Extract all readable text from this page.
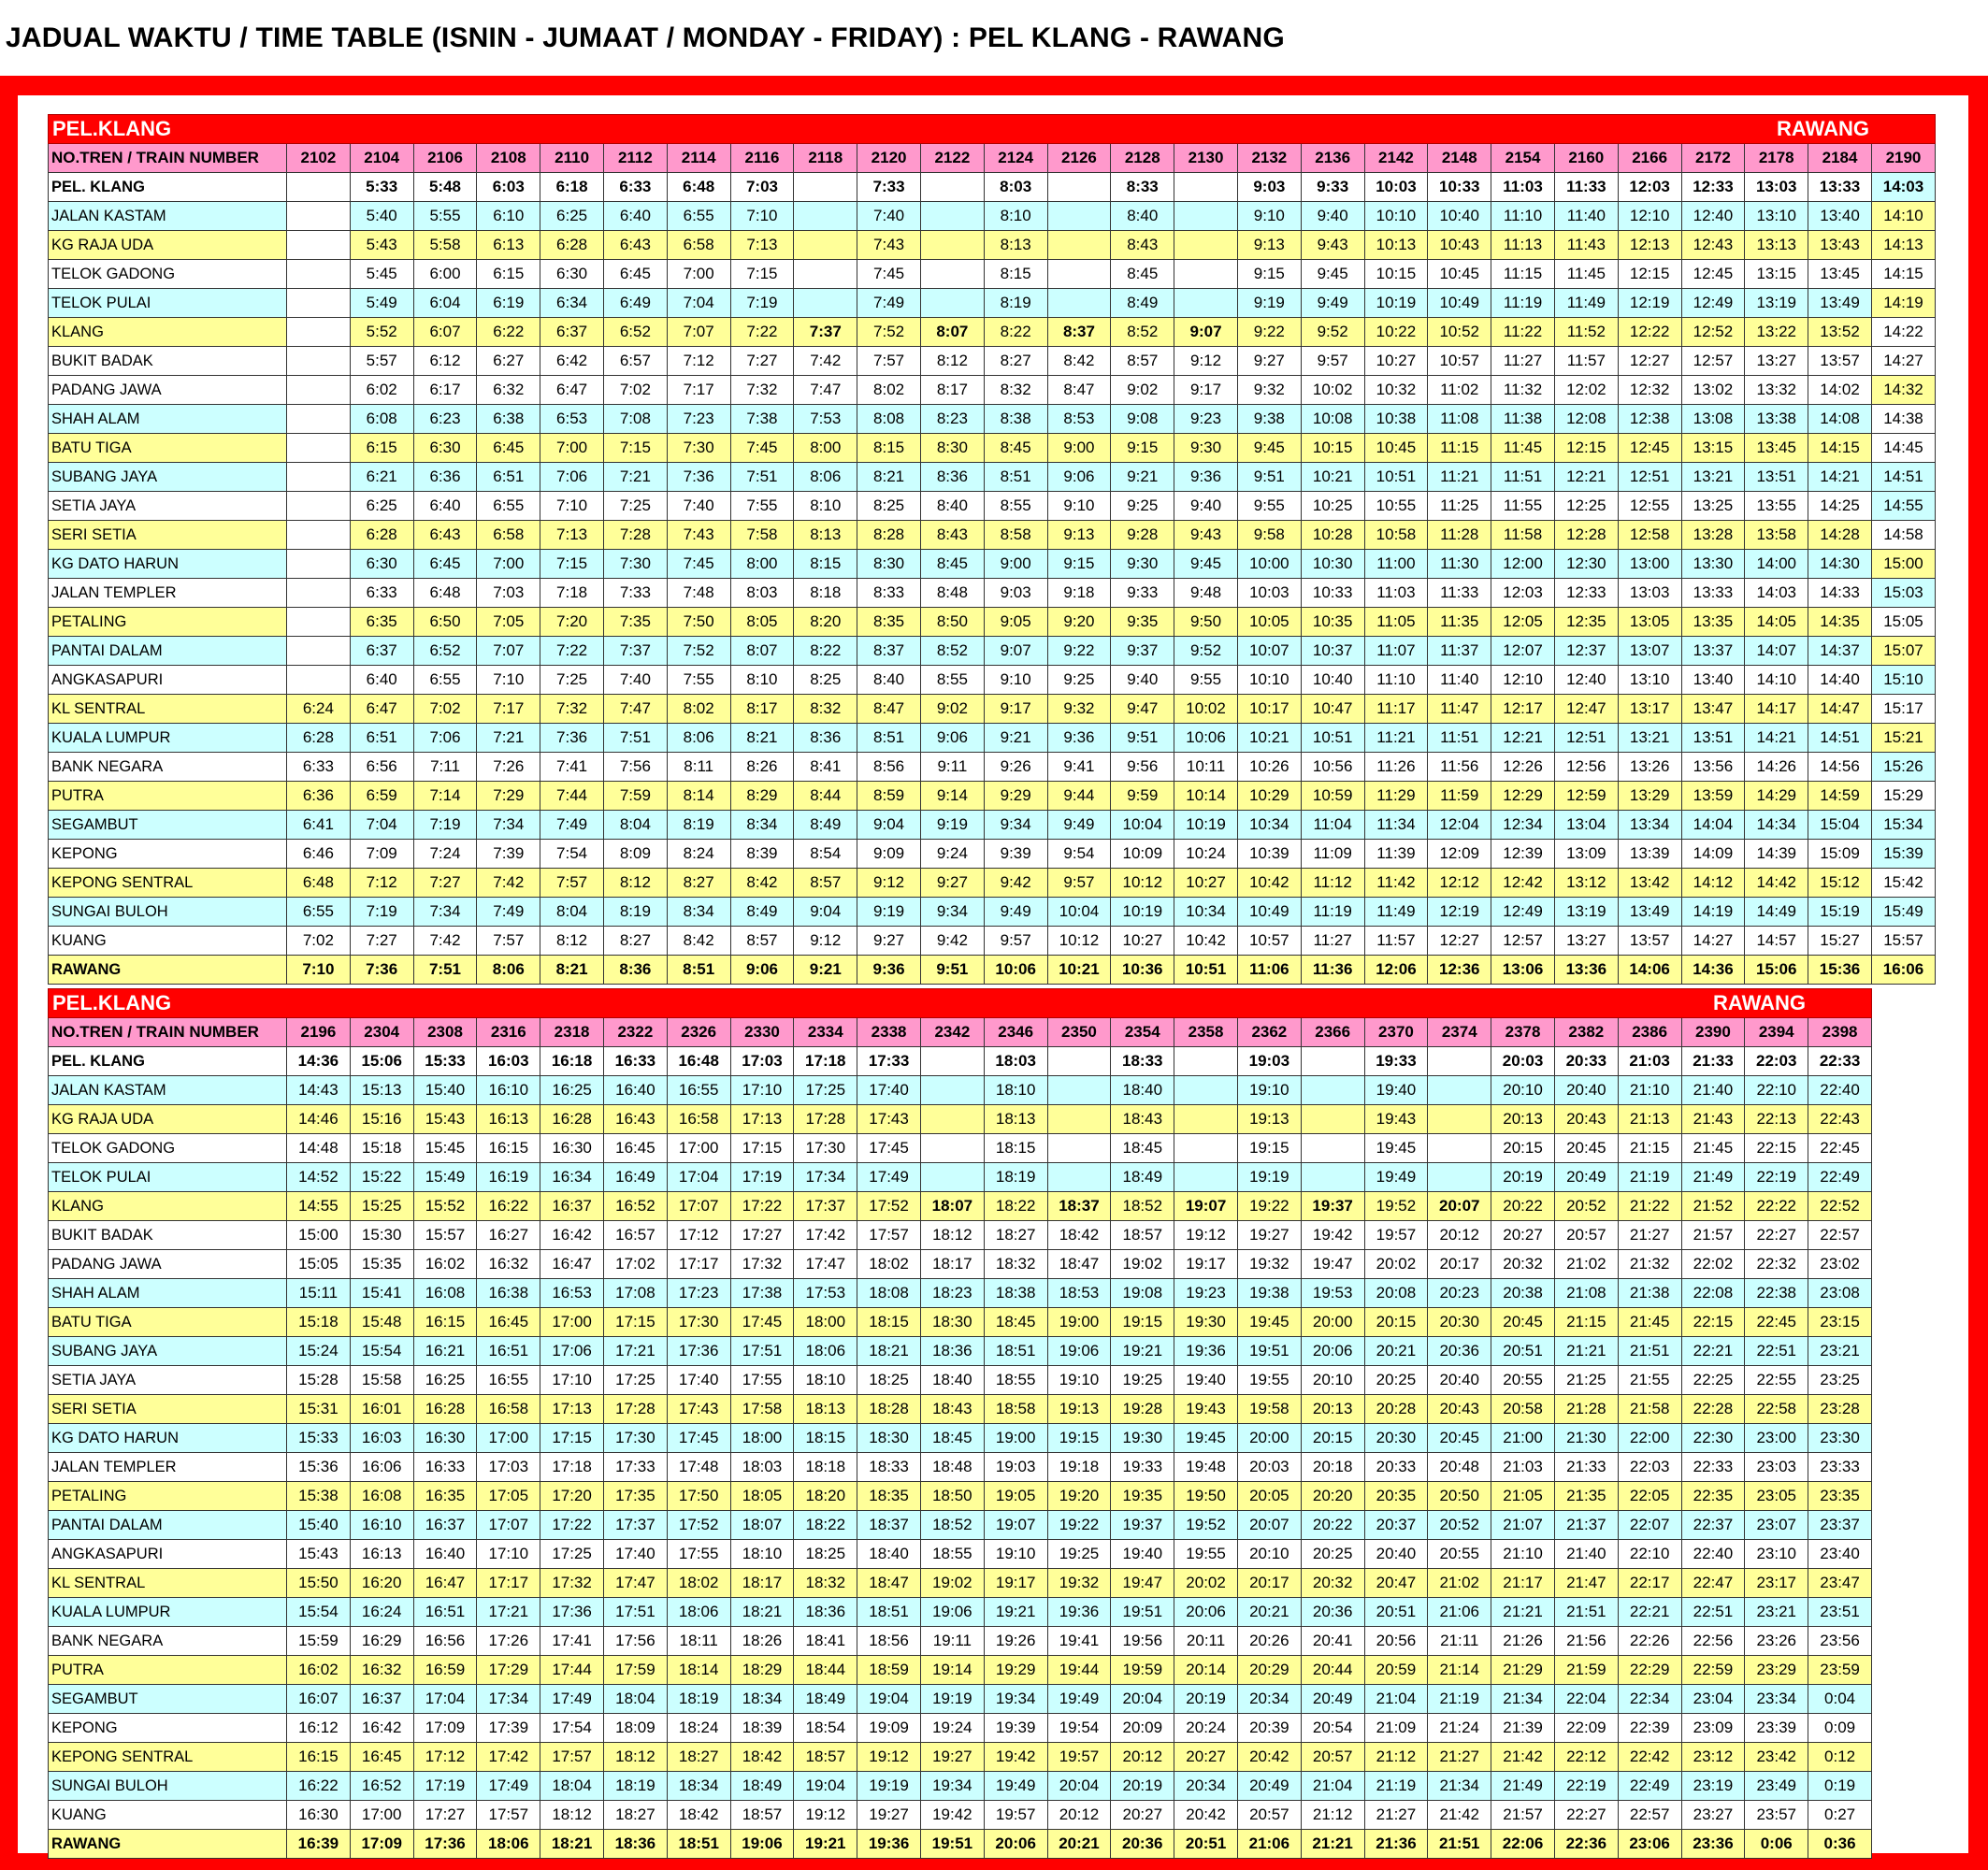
JADUAL WAKTU / TIME TABLE (ISNIN - JUMAAT / MONDAY - FRIDAY) : PEL KLANG - RAWANG
PEL.KLANG RAWANG																										

NO.TREN / TRAIN NUMBER	2102	2104	2106	2108	2110	2112	2114	2116	2118	2120	2122	2124	2126	2128	2130	2132	2136	2142	2148	2154	2160	2166	2172	2178	2184	2190
PEL. KLANG		5:33	5:48	6:03	6:18	6:33	6:48	7:03		7:33		8:03		8:33		9:03	9:33	10:03	10:33	11:03	11:33	12:03	12:33	13:03	13:33	14:03
JALAN KASTAM		5:40	5:55	6:10	6:25	6:40	6:55	7:10		7:40		8:10		8:40		9:10	9:40	10:10	10:40	11:10	11:40	12:10	12:40	13:10	13:40	14:10
KG RAJA UDA		5:43	5:58	6:13	6:28	6:43	6:58	7:13		7:43		8:13		8:43		9:13	9:43	10:13	10:43	11:13	11:43	12:13	12:43	13:13	13:43	14:13
TELOK GADONG		5:45	6:00	6:15	6:30	6:45	7:00	7:15		7:45		8:15		8:45		9:15	9:45	10:15	10:45	11:15	11:45	12:15	12:45	13:15	13:45	14:15
TELOK PULAI		5:49	6:04	6:19	6:34	6:49	7:04	7:19		7:49		8:19		8:49		9:19	9:49	10:19	10:49	11:19	11:49	12:19	12:49	13:19	13:49	14:19
KLANG		5:52	6:07	6:22	6:37	6:52	7:07	7:22	7:37	7:52	8:07	8:22	8:37	8:52	9:07	9:22	9:52	10:22	10:52	11:22	11:52	12:22	12:52	13:22	13:52	14:22
BUKIT BADAK		5:57	6:12	6:27	6:42	6:57	7:12	7:27	7:42	7:57	8:12	8:27	8:42	8:57	9:12	9:27	9:57	10:27	10:57	11:27	11:57	12:27	12:57	13:27	13:57	14:27
PADANG JAWA		6:02	6:17	6:32	6:47	7:02	7:17	7:32	7:47	8:02	8:17	8:32	8:47	9:02	9:17	9:32	10:02	10:32	11:02	11:32	12:02	12:32	13:02	13:32	14:02	14:32
SHAH ALAM		6:08	6:23	6:38	6:53	7:08	7:23	7:38	7:53	8:08	8:23	8:38	8:53	9:08	9:23	9:38	10:08	10:38	11:08	11:38	12:08	12:38	13:08	13:38	14:08	14:38
BATU TIGA		6:15	6:30	6:45	7:00	7:15	7:30	7:45	8:00	8:15	8:30	8:45	9:00	9:15	9:30	9:45	10:15	10:45	11:15	11:45	12:15	12:45	13:15	13:45	14:15	14:45
SUBANG JAYA		6:21	6:36	6:51	7:06	7:21	7:36	7:51	8:06	8:21	8:36	8:51	9:06	9:21	9:36	9:51	10:21	10:51	11:21	11:51	12:21	12:51	13:21	13:51	14:21	14:51
SETIA JAYA		6:25	6:40	6:55	7:10	7:25	7:40	7:55	8:10	8:25	8:40	8:55	9:10	9:25	9:40	9:55	10:25	10:55	11:25	11:55	12:25	12:55	13:25	13:55	14:25	14:55
SERI SETIA		6:28	6:43	6:58	7:13	7:28	7:43	7:58	8:13	8:28	8:43	8:58	9:13	9:28	9:43	9:58	10:28	10:58	11:28	11:58	12:28	12:58	13:28	13:58	14:28	14:58
KG DATO HARUN		6:30	6:45	7:00	7:15	7:30	7:45	8:00	8:15	8:30	8:45	9:00	9:15	9:30	9:45	10:00	10:30	11:00	11:30	12:00	12:30	13:00	13:30	14:00	14:30	15:00
JALAN TEMPLER		6:33	6:48	7:03	7:18	7:33	7:48	8:03	8:18	8:33	8:48	9:03	9:18	9:33	9:48	10:03	10:33	11:03	11:33	12:03	12:33	13:03	13:33	14:03	14:33	15:03
PETALING		6:35	6:50	7:05	7:20	7:35	7:50	8:05	8:20	8:35	8:50	9:05	9:20	9:35	9:50	10:05	10:35	11:05	11:35	12:05	12:35	13:05	13:35	14:05	14:35	15:05
PANTAI DALAM		6:37	6:52	7:07	7:22	7:37	7:52	8:07	8:22	8:37	8:52	9:07	9:22	9:37	9:52	10:07	10:37	11:07	11:37	12:07	12:37	13:07	13:37	14:07	14:37	15:07
ANGKASAPURI		6:40	6:55	7:10	7:25	7:40	7:55	8:10	8:25	8:40	8:55	9:10	9:25	9:40	9:55	10:10	10:40	11:10	11:40	12:10	12:40	13:10	13:40	14:10	14:40	15:10
KL SENTRAL	6:24	6:47	7:02	7:17	7:32	7:47	8:02	8:17	8:32	8:47	9:02	9:17	9:32	9:47	10:02	10:17	10:47	11:17	11:47	12:17	12:47	13:17	13:47	14:17	14:47	15:17
KUALA LUMPUR	6:28	6:51	7:06	7:21	7:36	7:51	8:06	8:21	8:36	8:51	9:06	9:21	9:36	9:51	10:06	10:21	10:51	11:21	11:51	12:21	12:51	13:21	13:51	14:21	14:51	15:21
BANK NEGARA	6:33	6:56	7:11	7:26	7:41	7:56	8:11	8:26	8:41	8:56	9:11	9:26	9:41	9:56	10:11	10:26	10:56	11:26	11:56	12:26	12:56	13:26	13:56	14:26	14:56	15:26
PUTRA	6:36	6:59	7:14	7:29	7:44	7:59	8:14	8:29	8:44	8:59	9:14	9:29	9:44	9:59	10:14	10:29	10:59	11:29	11:59	12:29	12:59	13:29	13:59	14:29	14:59	15:29
SEGAMBUT	6:41	7:04	7:19	7:34	7:49	8:04	8:19	8:34	8:49	9:04	9:19	9:34	9:49	10:04	10:19	10:34	11:04	11:34	12:04	12:34	13:04	13:34	14:04	14:34	15:04	15:34
KEPONG	6:46	7:09	7:24	7:39	7:54	8:09	8:24	8:39	8:54	9:09	9:24	9:39	9:54	10:09	10:24	10:39	11:09	11:39	12:09	12:39	13:09	13:39	14:09	14:39	15:09	15:39
KEPONG SENTRAL	6:48	7:12	7:27	7:42	7:57	8:12	8:27	8:42	8:57	9:12	9:27	9:42	9:57	10:12	10:27	10:42	11:12	11:42	12:12	12:42	13:12	13:42	14:12	14:42	15:12	15:42
SUNGAI BULOH	6:55	7:19	7:34	7:49	8:04	8:19	8:34	8:49	9:04	9:19	9:34	9:49	10:04	10:19	10:34	10:49	11:19	11:49	12:19	12:49	13:19	13:49	14:19	14:49	15:19	15:49
KUANG	7:02	7:27	7:42	7:57	8:12	8:27	8:42	8:57	9:12	9:27	9:42	9:57	10:12	10:27	10:42	10:57	11:27	11:57	12:27	12:57	13:27	13:57	14:27	14:57	15:27	15:57
RAWANG	7:10	7:36	7:51	8:06	8:21	8:36	8:51	9:06	9:21	9:36	9:51	10:06	10:21	10:36	10:51	11:06	11:36	12:06	12:36	13:06	13:36	14:06	14:36	15:06	15:36	16:06
PEL.KLANG RAWANG																									

NO.TREN / TRAIN NUMBER	2196	2304	2308	2316	2318	2322	2326	2330	2334	2338	2342	2346	2350	2354	2358	2362	2366	2370	2374	2378	2382	2386	2390	2394	2398
PEL. KLANG	14:36	15:06	15:33	16:03	16:18	16:33	16:48	17:03	17:18	17:33		18:03		18:33		19:03		19:33		20:03	20:33	21:03	21:33	22:03	22:33
JALAN KASTAM	14:43	15:13	15:40	16:10	16:25	16:40	16:55	17:10	17:25	17:40		18:10		18:40		19:10		19:40		20:10	20:40	21:10	21:40	22:10	22:40
KG RAJA UDA	14:46	15:16	15:43	16:13	16:28	16:43	16:58	17:13	17:28	17:43		18:13		18:43		19:13		19:43		20:13	20:43	21:13	21:43	22:13	22:43
TELOK GADONG	14:48	15:18	15:45	16:15	16:30	16:45	17:00	17:15	17:30	17:45		18:15		18:45		19:15		19:45		20:15	20:45	21:15	21:45	22:15	22:45
TELOK PULAI	14:52	15:22	15:49	16:19	16:34	16:49	17:04	17:19	17:34	17:49		18:19		18:49		19:19		19:49		20:19	20:49	21:19	21:49	22:19	22:49
KLANG	14:55	15:25	15:52	16:22	16:37	16:52	17:07	17:22	17:37	17:52	18:07	18:22	18:37	18:52	19:07	19:22	19:37	19:52	20:07	20:22	20:52	21:22	21:52	22:22	22:52
BUKIT BADAK	15:00	15:30	15:57	16:27	16:42	16:57	17:12	17:27	17:42	17:57	18:12	18:27	18:42	18:57	19:12	19:27	19:42	19:57	20:12	20:27	20:57	21:27	21:57	22:27	22:57
PADANG JAWA	15:05	15:35	16:02	16:32	16:47	17:02	17:17	17:32	17:47	18:02	18:17	18:32	18:47	19:02	19:17	19:32	19:47	20:02	20:17	20:32	21:02	21:32	22:02	22:32	23:02
SHAH ALAM	15:11	15:41	16:08	16:38	16:53	17:08	17:23	17:38	17:53	18:08	18:23	18:38	18:53	19:08	19:23	19:38	19:53	20:08	20:23	20:38	21:08	21:38	22:08	22:38	23:08
BATU TIGA	15:18	15:48	16:15	16:45	17:00	17:15	17:30	17:45	18:00	18:15	18:30	18:45	19:00	19:15	19:30	19:45	20:00	20:15	20:30	20:45	21:15	21:45	22:15	22:45	23:15
SUBANG JAYA	15:24	15:54	16:21	16:51	17:06	17:21	17:36	17:51	18:06	18:21	18:36	18:51	19:06	19:21	19:36	19:51	20:06	20:21	20:36	20:51	21:21	21:51	22:21	22:51	23:21
SETIA JAYA	15:28	15:58	16:25	16:55	17:10	17:25	17:40	17:55	18:10	18:25	18:40	18:55	19:10	19:25	19:40	19:55	20:10	20:25	20:40	20:55	21:25	21:55	22:25	22:55	23:25
SERI SETIA	15:31	16:01	16:28	16:58	17:13	17:28	17:43	17:58	18:13	18:28	18:43	18:58	19:13	19:28	19:43	19:58	20:13	20:28	20:43	20:58	21:28	21:58	22:28	22:58	23:28
KG DATO HARUN	15:33	16:03	16:30	17:00	17:15	17:30	17:45	18:00	18:15	18:30	18:45	19:00	19:15	19:30	19:45	20:00	20:15	20:30	20:45	21:00	21:30	22:00	22:30	23:00	23:30
JALAN TEMPLER	15:36	16:06	16:33	17:03	17:18	17:33	17:48	18:03	18:18	18:33	18:48	19:03	19:18	19:33	19:48	20:03	20:18	20:33	20:48	21:03	21:33	22:03	22:33	23:03	23:33
PETALING	15:38	16:08	16:35	17:05	17:20	17:35	17:50	18:05	18:20	18:35	18:50	19:05	19:20	19:35	19:50	20:05	20:20	20:35	20:50	21:05	21:35	22:05	22:35	23:05	23:35
PANTAI DALAM	15:40	16:10	16:37	17:07	17:22	17:37	17:52	18:07	18:22	18:37	18:52	19:07	19:22	19:37	19:52	20:07	20:22	20:37	20:52	21:07	21:37	22:07	22:37	23:07	23:37
ANGKASAPURI	15:43	16:13	16:40	17:10	17:25	17:40	17:55	18:10	18:25	18:40	18:55	19:10	19:25	19:40	19:55	20:10	20:25	20:40	20:55	21:10	21:40	22:10	22:40	23:10	23:40
KL SENTRAL	15:50	16:20	16:47	17:17	17:32	17:47	18:02	18:17	18:32	18:47	19:02	19:17	19:32	19:47	20:02	20:17	20:32	20:47	21:02	21:17	21:47	22:17	22:47	23:17	23:47
KUALA LUMPUR	15:54	16:24	16:51	17:21	17:36	17:51	18:06	18:21	18:36	18:51	19:06	19:21	19:36	19:51	20:06	20:21	20:36	20:51	21:06	21:21	21:51	22:21	22:51	23:21	23:51
BANK NEGARA	15:59	16:29	16:56	17:26	17:41	17:56	18:11	18:26	18:41	18:56	19:11	19:26	19:41	19:56	20:11	20:26	20:41	20:56	21:11	21:26	21:56	22:26	22:56	23:26	23:56
PUTRA	16:02	16:32	16:59	17:29	17:44	17:59	18:14	18:29	18:44	18:59	19:14	19:29	19:44	19:59	20:14	20:29	20:44	20:59	21:14	21:29	21:59	22:29	22:59	23:29	23:59
SEGAMBUT	16:07	16:37	17:04	17:34	17:49	18:04	18:19	18:34	18:49	19:04	19:19	19:34	19:49	20:04	20:19	20:34	20:49	21:04	21:19	21:34	22:04	22:34	23:04	23:34	0:04
KEPONG	16:12	16:42	17:09	17:39	17:54	18:09	18:24	18:39	18:54	19:09	19:24	19:39	19:54	20:09	20:24	20:39	20:54	21:09	21:24	21:39	22:09	22:39	23:09	23:39	0:09
KEPONG SENTRAL	16:15	16:45	17:12	17:42	17:57	18:12	18:27	18:42	18:57	19:12	19:27	19:42	19:57	20:12	20:27	20:42	20:57	21:12	21:27	21:42	22:12	22:42	23:12	23:42	0:12
SUNGAI BULOH	16:22	16:52	17:19	17:49	18:04	18:19	18:34	18:49	19:04	19:19	19:34	19:49	20:04	20:19	20:34	20:49	21:04	21:19	21:34	21:49	22:19	22:49	23:19	23:49	0:19
KUANG	16:30	17:00	17:27	17:57	18:12	18:27	18:42	18:57	19:12	19:27	19:42	19:57	20:12	20:27	20:42	20:57	21:12	21:27	21:42	21:57	22:27	22:57	23:27	23:57	0:27
RAWANG	16:39	17:09	17:36	18:06	18:21	18:36	18:51	19:06	19:21	19:36	19:51	20:06	20:21	20:36	20:51	21:06	21:21	21:36	21:51	22:06	22:36	23:06	23:36	0:06	0:36
